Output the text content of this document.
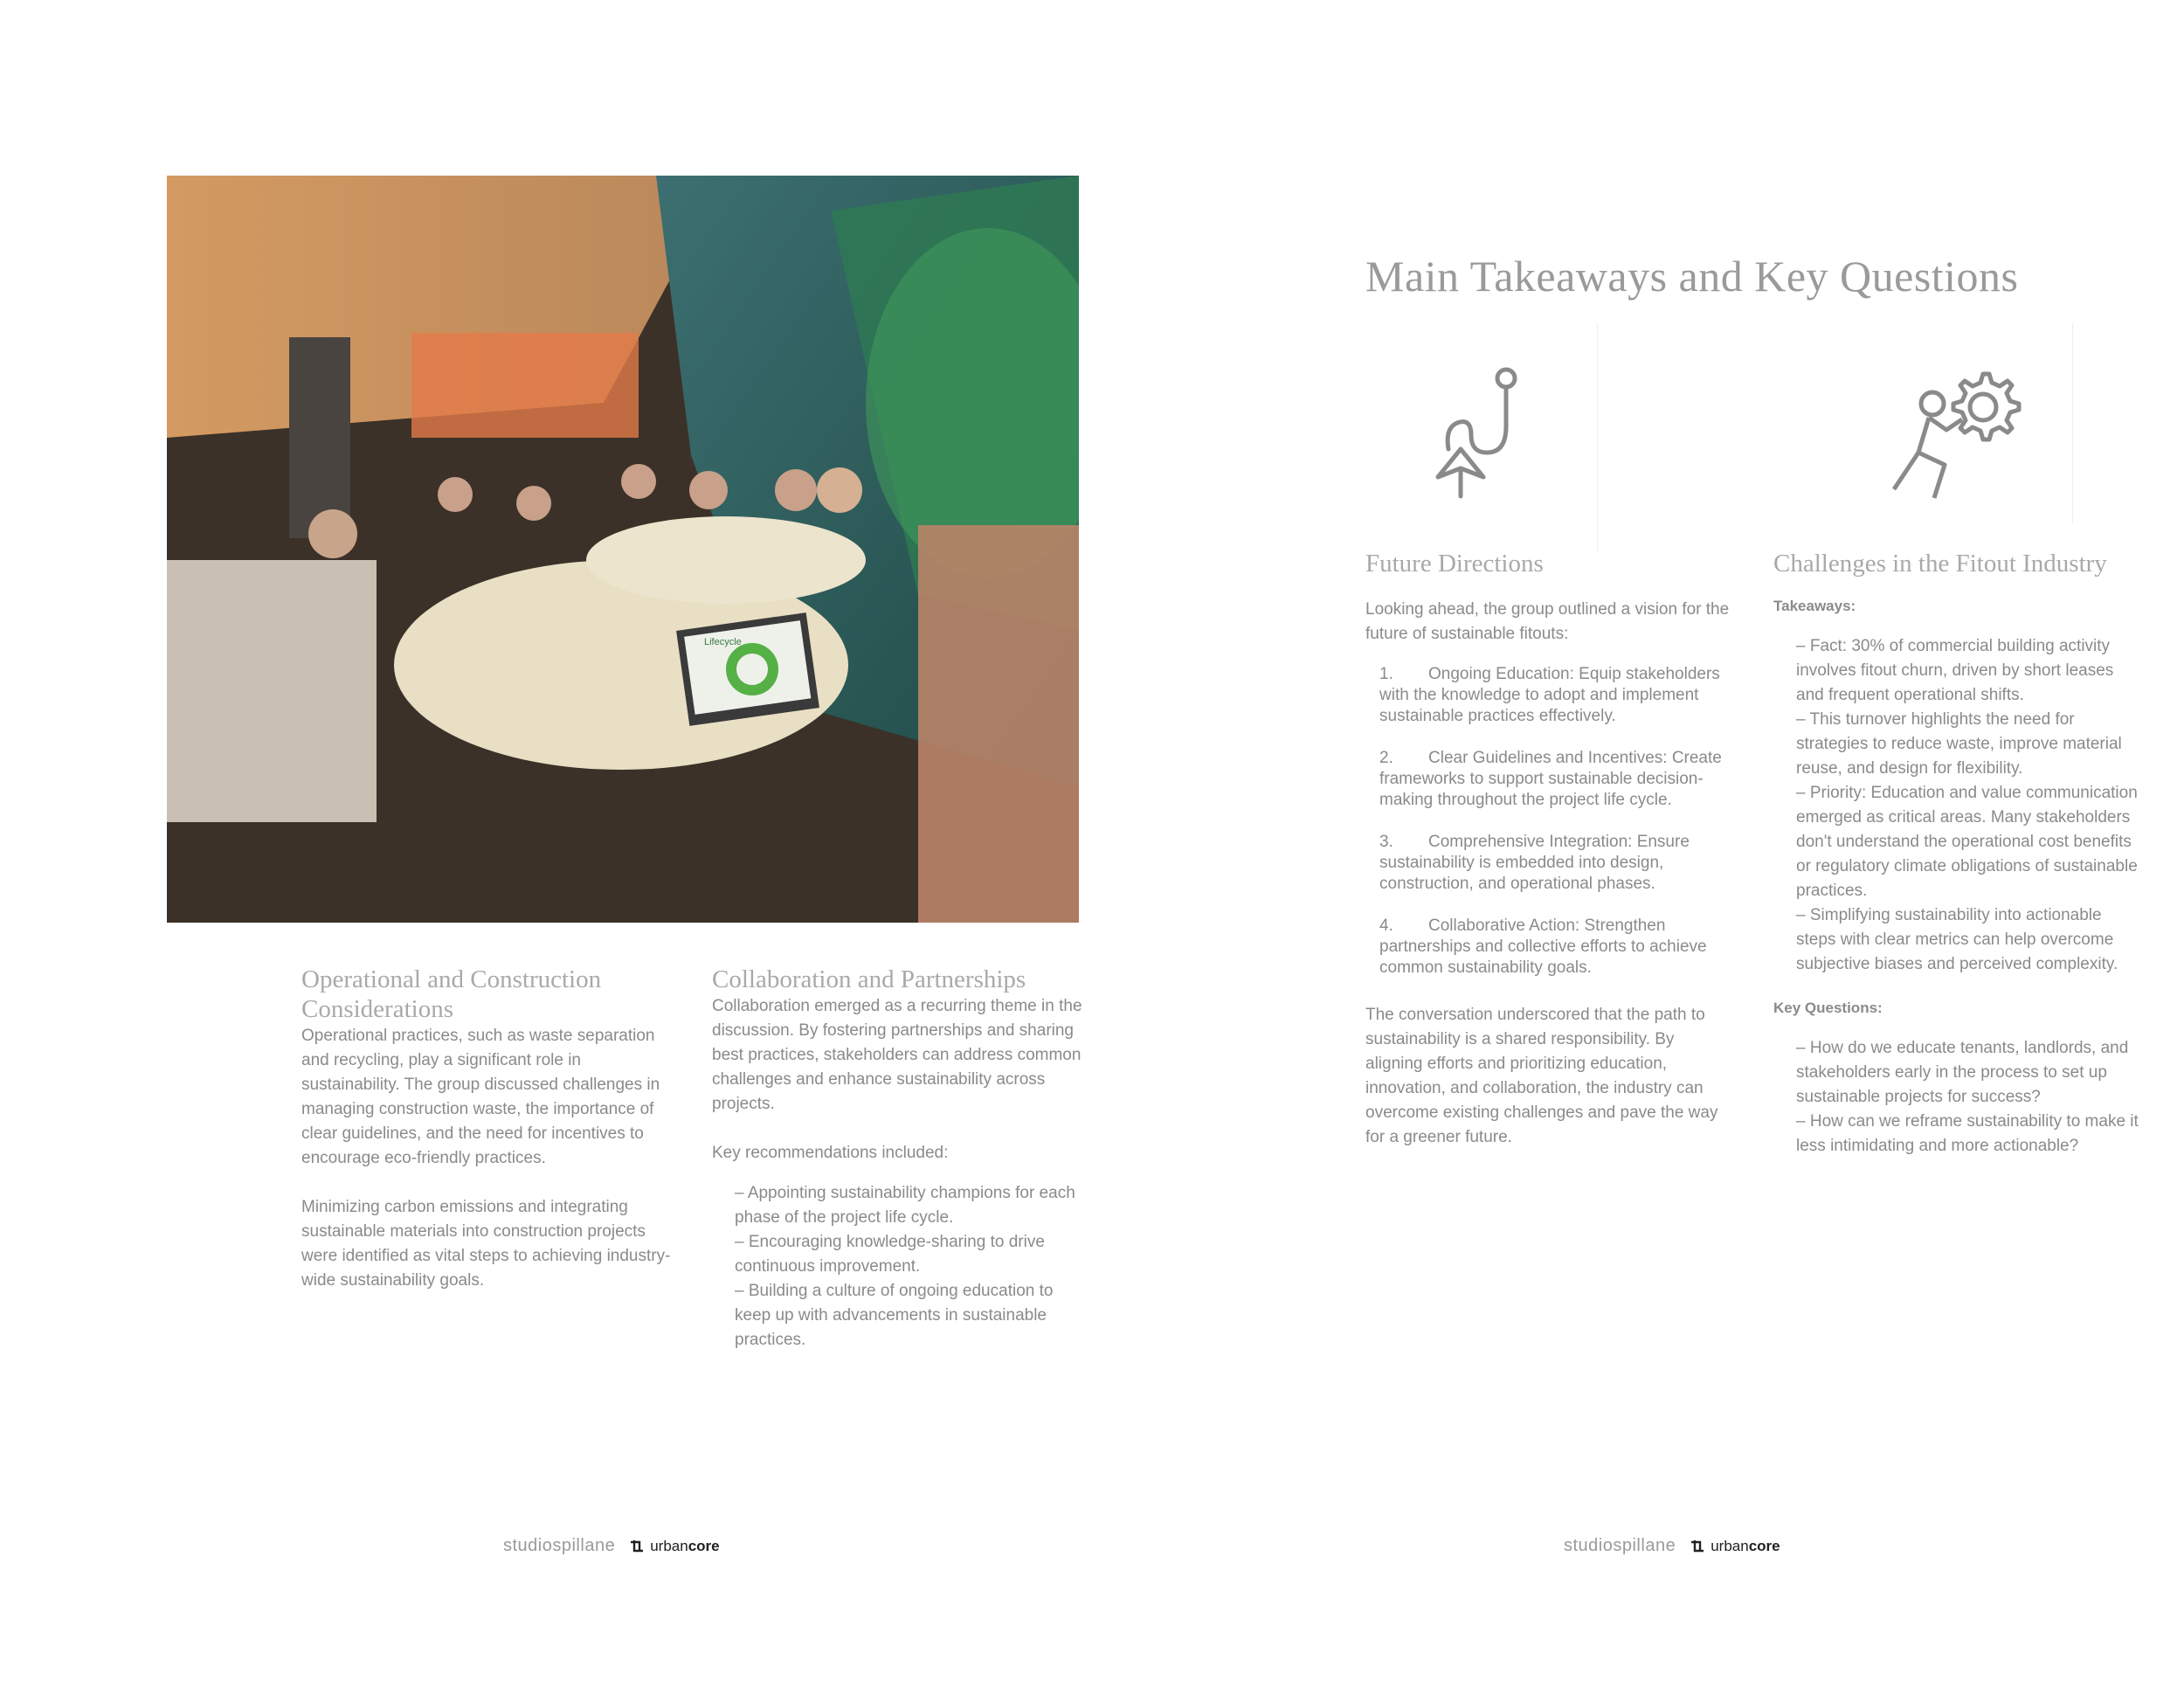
Lifecycle
Operational and Construction Considerations

Operational practices, such as waste separation and recycling, play a significant role in sustainability. The group discussed challenges in managing construction waste, the importance of clear guidelines, and the need for incentives to encourage eco-friendly practices.

Minimizing carbon emissions and integrating sustainable materials into construction projects were identified as vital steps to achieving industry-wide sustainability goals.

Collaboration and Partnerships

Collaboration emerged as a recurring theme in the discussion. By fostering partnerships and sharing best practices, stakeholders can address common challenges and enhance sustainability across projects.

Key recommendations included:

– Appointing sustainability champions for each phase of the project life cycle.
– Encouraging knowledge-sharing to drive continuous improvement.
– Building a culture of ongoing education to keep up with advancements in sustainable practices.
studiospillane urbancore
Main Takeaways and Key Questions
Future Directions

Looking ahead, the group outlined a vision for the future of sustainable fitouts:

1. Ongoing Education: Equip stakeholders with the knowledge to adopt and implement sustainable practices effectively.
2. Clear Guidelines and Incentives: Create frameworks to support sustainable decision-making throughout the project life cycle.
3. Comprehensive Integration: Ensure sustainability is embedded into design, construction, and operational phases.
4. Collaborative Action: Strengthen partnerships and collective efforts to achieve common sustainability goals.

The conversation underscored that the path to sustainability is a shared responsibility. By aligning efforts and prioritizing education, innovation, and collaboration, the industry can overcome existing challenges and pave the way for a greener future.

Challenges in the Fitout Industry
Takeaways:
– Fact: 30% of commercial building activity involves fitout churn, driven by short leases and frequent operational shifts.
– This turnover highlights the need for strategies to reduce waste, improve material reuse, and design for flexibility.
– Priority: Education and value communication emerged as critical areas. Many stakeholders don't understand the operational cost benefits or regulatory climate obligations of sustainable practices.
– Simplifying sustainability into actionable steps with clear metrics can help overcome subjective biases and perceived complexity.
Key Questions:
– How do we educate tenants, landlords, and stakeholders early in the process to set up sustainable projects for success?
– How can we reframe sustainability to make it less intimidating and more actionable?
studiospillane urbancore
